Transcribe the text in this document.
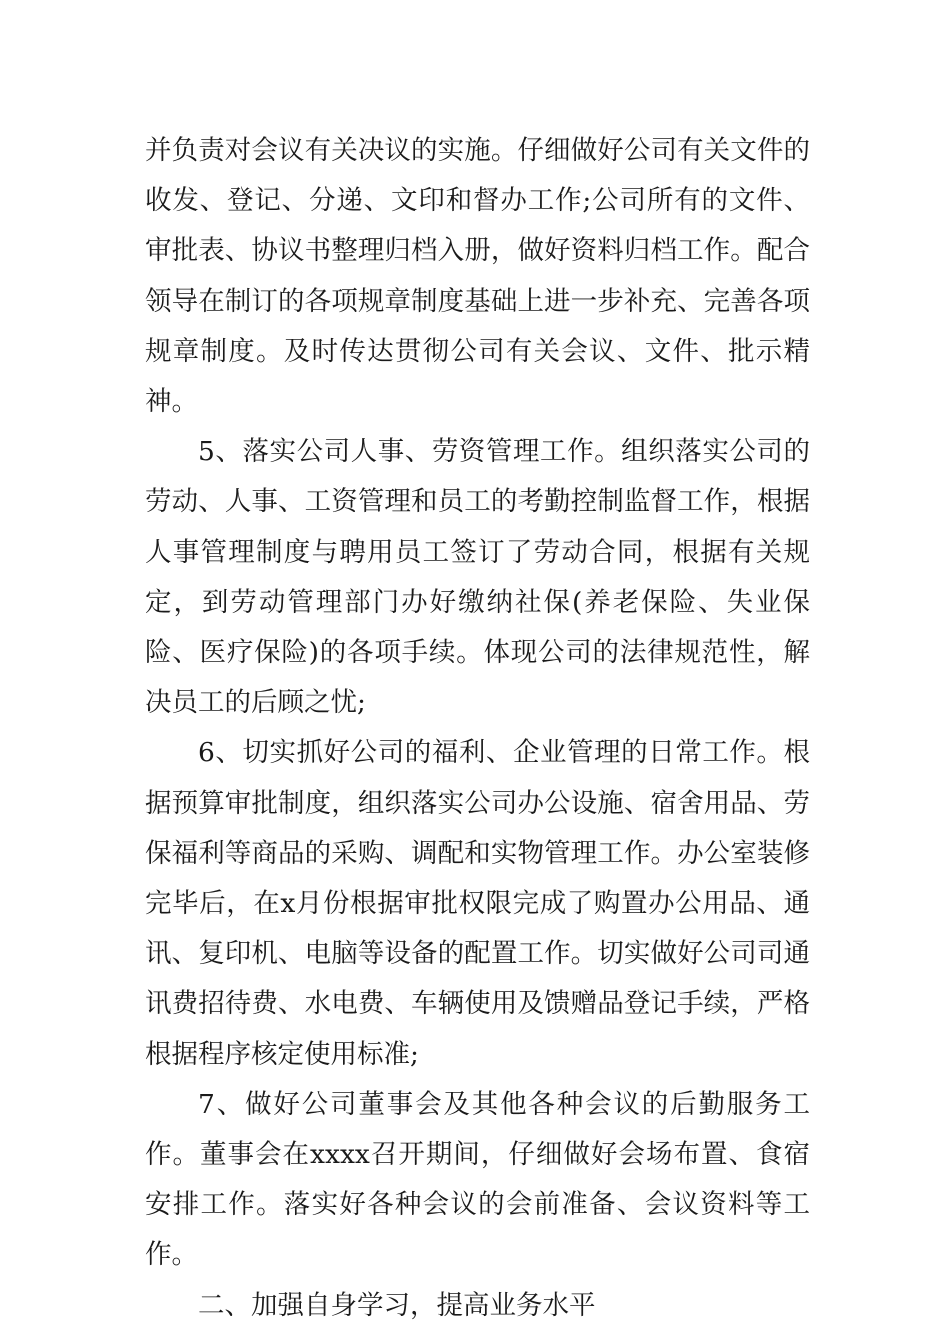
并负责对会议有关决议的实施。仔细做好公司有关文件的收发、登记、分递、文印和督办工作;公司所有的文件、审批表、协议书整理归档入册，做好资料归档工作。配合领导在制订的各项规章制度基础上进一步补充、完善各项规章制度。及时传达贯彻公司有关会议、文件、批示精神。

5、落实公司人事、劳资管理工作。组织落实公司的劳动、人事、工资管理和员工的考勤控制监督工作，根据人事管理制度与聘用员工签订了劳动合同，根据有关规定，到劳动管理部门办好缴纳社保(养老保险、失业保险、医疗保险)的各项手续。体现公司的法律规范性，解决员工的后顾之忧;

6、切实抓好公司的福利、企业管理的日常工作。根据预算审批制度，组织落实公司办公设施、宿舍用品、劳保福利等商品的采购、调配和实物管理工作。办公室装修完毕后，在x月份根据审批权限完成了购置办公用品、通讯、复印机、电脑等设备的配置工作。切实做好公司司通讯费招待费、水电费、车辆使用及馈赠品登记手续，严格根据程序核定使用标准;

7、做好公司董事会及其他各种会议的后勤服务工作。董事会在xxxx召开期间，仔细做好会场布置、食宿安排工作。落实好各种会议的会前准备、会议资料等工作。

二、加强自身学习，提高业务水平
